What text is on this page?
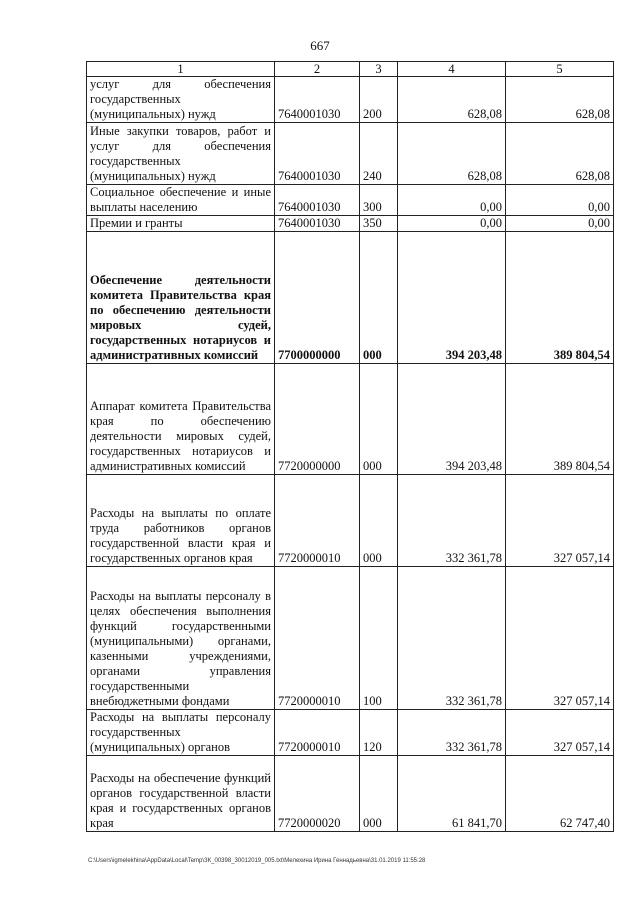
667
1	2	3	4	5
услуг для обеспечения государственных (муниципальных) нужд	7640001030	200	628,08	628,08
Иные закупки товаров, работ и услуг для обеспечения государственных (муниципальных) нужд	7640001030	240	628,08	628,08
Социальное обеспечение и иные выплаты населению	7640001030	300	0,00	0,00
Премии и гранты	7640001030	350	0,00	0,00
Обеспечение деятельности комитета Правительства края по обеспечению деятельности мировых судей, государственных нотариусов и административных комиссий	7700000000	000	394 203,48	389 804,54
Аппарат комитета Правительства края по обеспечению деятельности мировых судей, государственных нотариусов и административных комиссий	7720000000	000	394 203,48	389 804,54
Расходы на выплаты по оплате труда работников органов государственной власти края и государственных органов края	7720000010	000	332 361,78	327 057,14
Расходы на выплаты персоналу в целях обеспечения выполнения функций государственными (муниципальными) органами, казенными учреждениями, органами управления государственными внебюджетными фондами	7720000010	100	332 361,78	327 057,14
Расходы на выплаты персоналу государственных (муниципальных) органов	7720000010	120	332 361,78	327 057,14
Расходы на обеспечение функций органов государственной власти края и государственных органов края	7720000020	000	61 841,70	62 747,40
C:\Users\igmelekhina\AppData\Local\Temp\ЗК_00398_30012019_005.txt\Мелехина Ирина Геннадьевна\31.01.2019 11:55:28
